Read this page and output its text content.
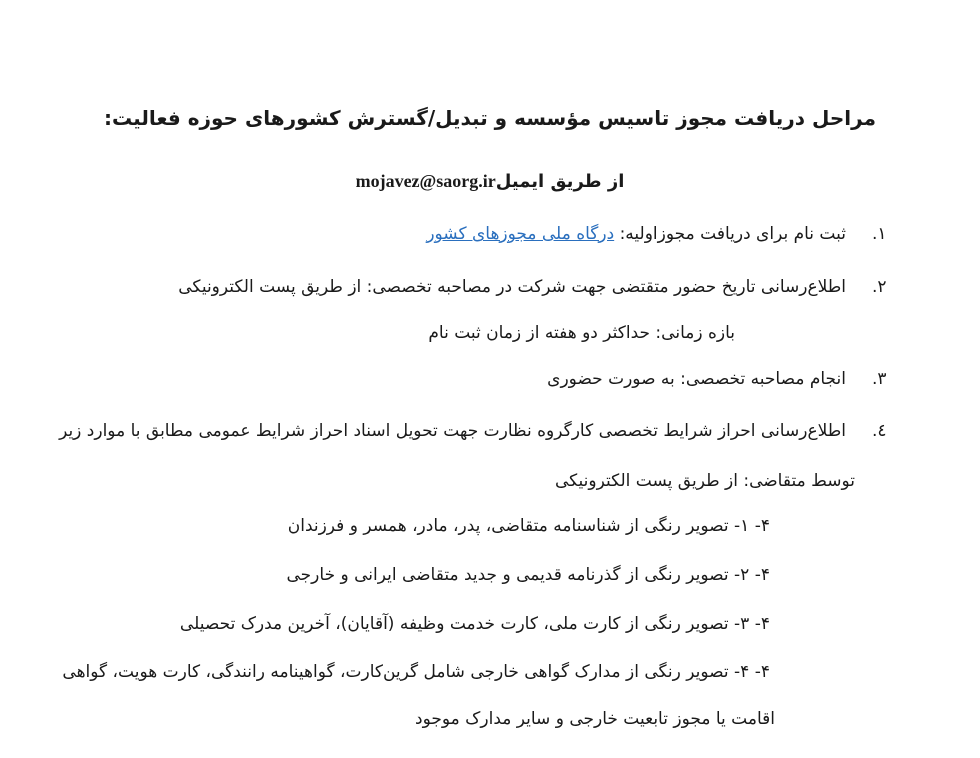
مراحل دریافت مجوز تاسیس مؤسسه و تبدیل/گسترش کشورهای حوزه فعالیت:
از طریق ایمیلmojavez@saorg.ir
١.
ثبت نام برای دریافت مجوزاولیه: درگاه ملی مجوزهای کشور
٢.
اطلاع‌رسانی تاریخ حضور متقتضی جهت شرکت در مصاحبه تخصصی: از طریق پست الکترونیکی
بازه زمانی: حداکثر دو هفته از زمان ثبت نام
٣.
انجام مصاحبه تخصصی: به صورت حضوری
٤.
اطلاع‌رسانی احراز شرایط تخصصی کارگروه نظارت جهت تحویل اسناد احراز شرایط عمومی مطابق با موارد زیر
توسط متقاضی: از طریق پست الکترونیکی
۴- ۱- تصویر رنگی از شناسنامه متقاضی، پدر، مادر، همسر و فرزندان
۴- ۲- تصویر رنگی از گذرنامه قدیمی و جدید متقاضی ایرانی و خارجی
۴- ۳- تصویر رنگی از کارت ملی، کارت خدمت وظیفه (آقایان)، آخرین مدرک تحصیلی
۴- ۴- تصویر رنگی از مدارک گواهی خارجی شامل گرین‌کارت، گواهینامه رانندگی، کارت هویت، گواهی
اقامت یا مجوز تابعیت خارجی و سایر مدارک موجود
